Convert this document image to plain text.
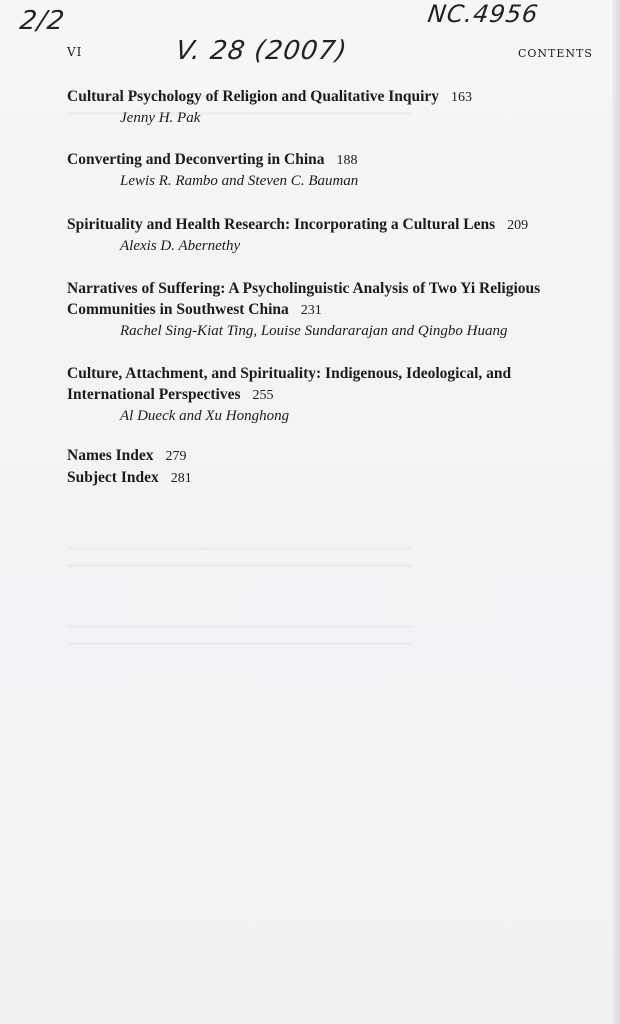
2/2	NC.4956
V. 28 (2007)
VI	CONTENTS
Cultural Psychology of Religion and Qualitative Inquiry 163
Jenny H. Pak
Converting and Deconverting in China 188
Lewis R. Rambo and Steven C. Bauman
Spirituality and Health Research: Incorporating a Cultural Lens 209
Alexis D. Abernethy
Narratives of Suffering: A Psycholinguistic Analysis of Two Yi Religious
Communities in Southwest China 231
Rachel Sing-Kiat Ting, Louise Sundararajan and Qingbo Huang
Culture, Attachment, and Spirituality: Indigenous, Ideological, and
International Perspectives 255
Al Dueck and Xu Honghong
Names Index 279
Subject Index 281
